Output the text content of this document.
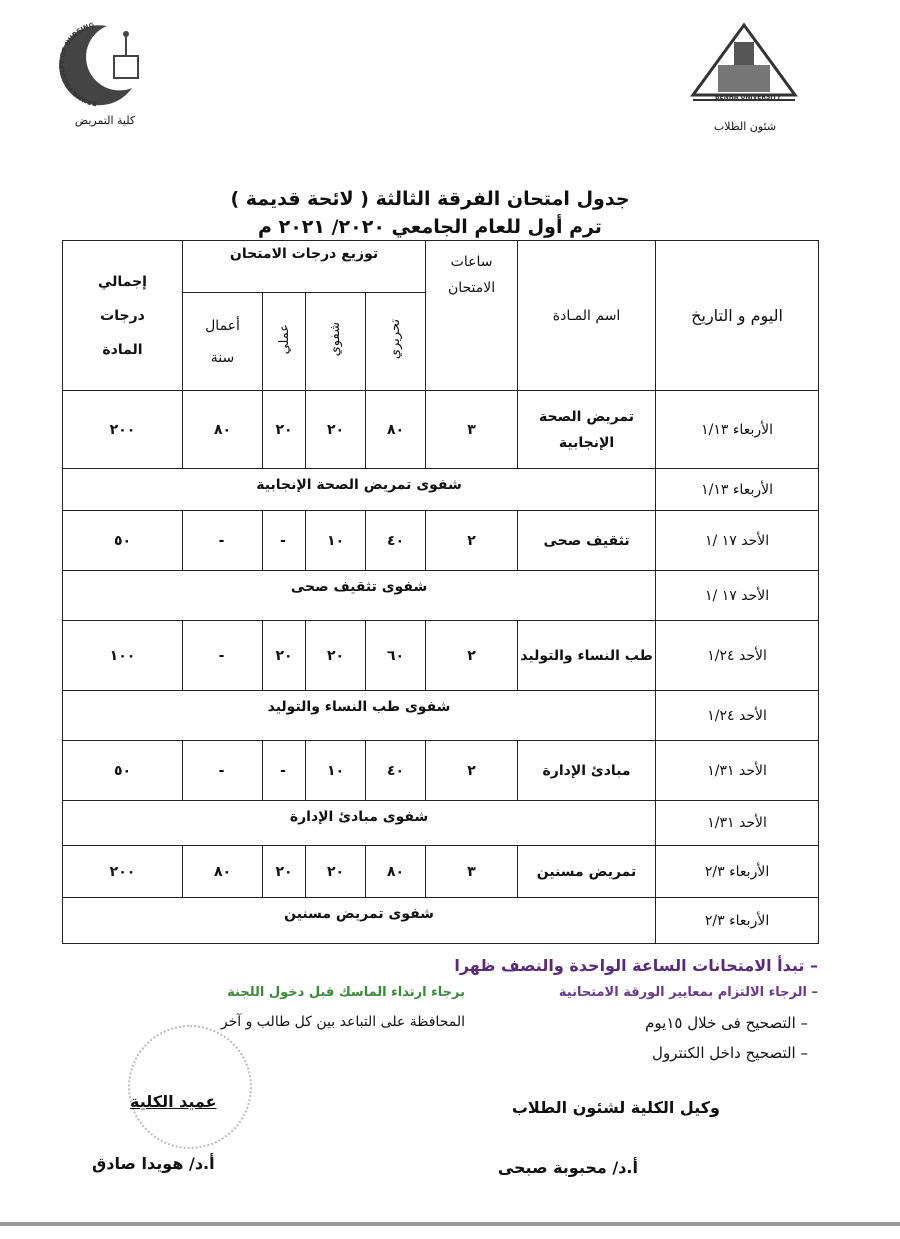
BENHA FACULTY OF NURSING
كلية التمريض
BENHA UNIVERSITY
شئون الطلاب
جدول امتحان الفرقة الثالثة ( لائحة قديمة )
ترم أول للعام الجامعي ٢٠٢٠/ ٢٠٢١ م
اليوم و التاريخ	اسم المـادة	ساعات الامتحان	توزيع درجات الامتحان				إجمالي درجات المادة
			تحريري	شفوي	عملي	أعمال سنة	
الأربعاء ١/١٣	تمريض الصحة الإنجابية	٣	٨٠	٢٠	٢٠	٨٠	٢٠٠
الأربعاء ١/١٣	شفوى تمريض الصحة الإنجابية						
الأحد ١٧ /١	تثقيف صحى	٢	٤٠	١٠	-	-	٥٠
الأحد ١٧ /١	شفوى تثقيف صحى						
الأحد ١/٢٤	طب النساء والتوليد	٢	٦٠	٢٠	٢٠	-	١٠٠
الأحد ١/٢٤	شفوى طب النساء والتوليد						
الأحد ١/٣١	مبادئ الإدارة	٢	٤٠	١٠	-	-	٥٠
الأحد ١/٣١	شفوى مبادئ الإدارة						
الأربعاء ٢/٣	تمريض مسنين	٣	٨٠	٢٠	٢٠	٨٠	٢٠٠
الأربعاء ٢/٣	شفوى تمريض مسنين						
– تبدأ الامتحانات الساعة الواحدة والنصف ظهرا
– الرجاء الالتزام بمعايير الورقة الامتحانية
برجاء ارتداء الماسك قبل دخول اللجنة
– التصحيح فى خلال ١٥يوم
المحافظة على التباعد بين كل طالب و آخر
– التصحيح داخل الكنترول
وكيل الكلية لشئون الطلاب
أ.د/ محبوبة صبحى
عميد الكلية
أ.د/ هويدا صادق
